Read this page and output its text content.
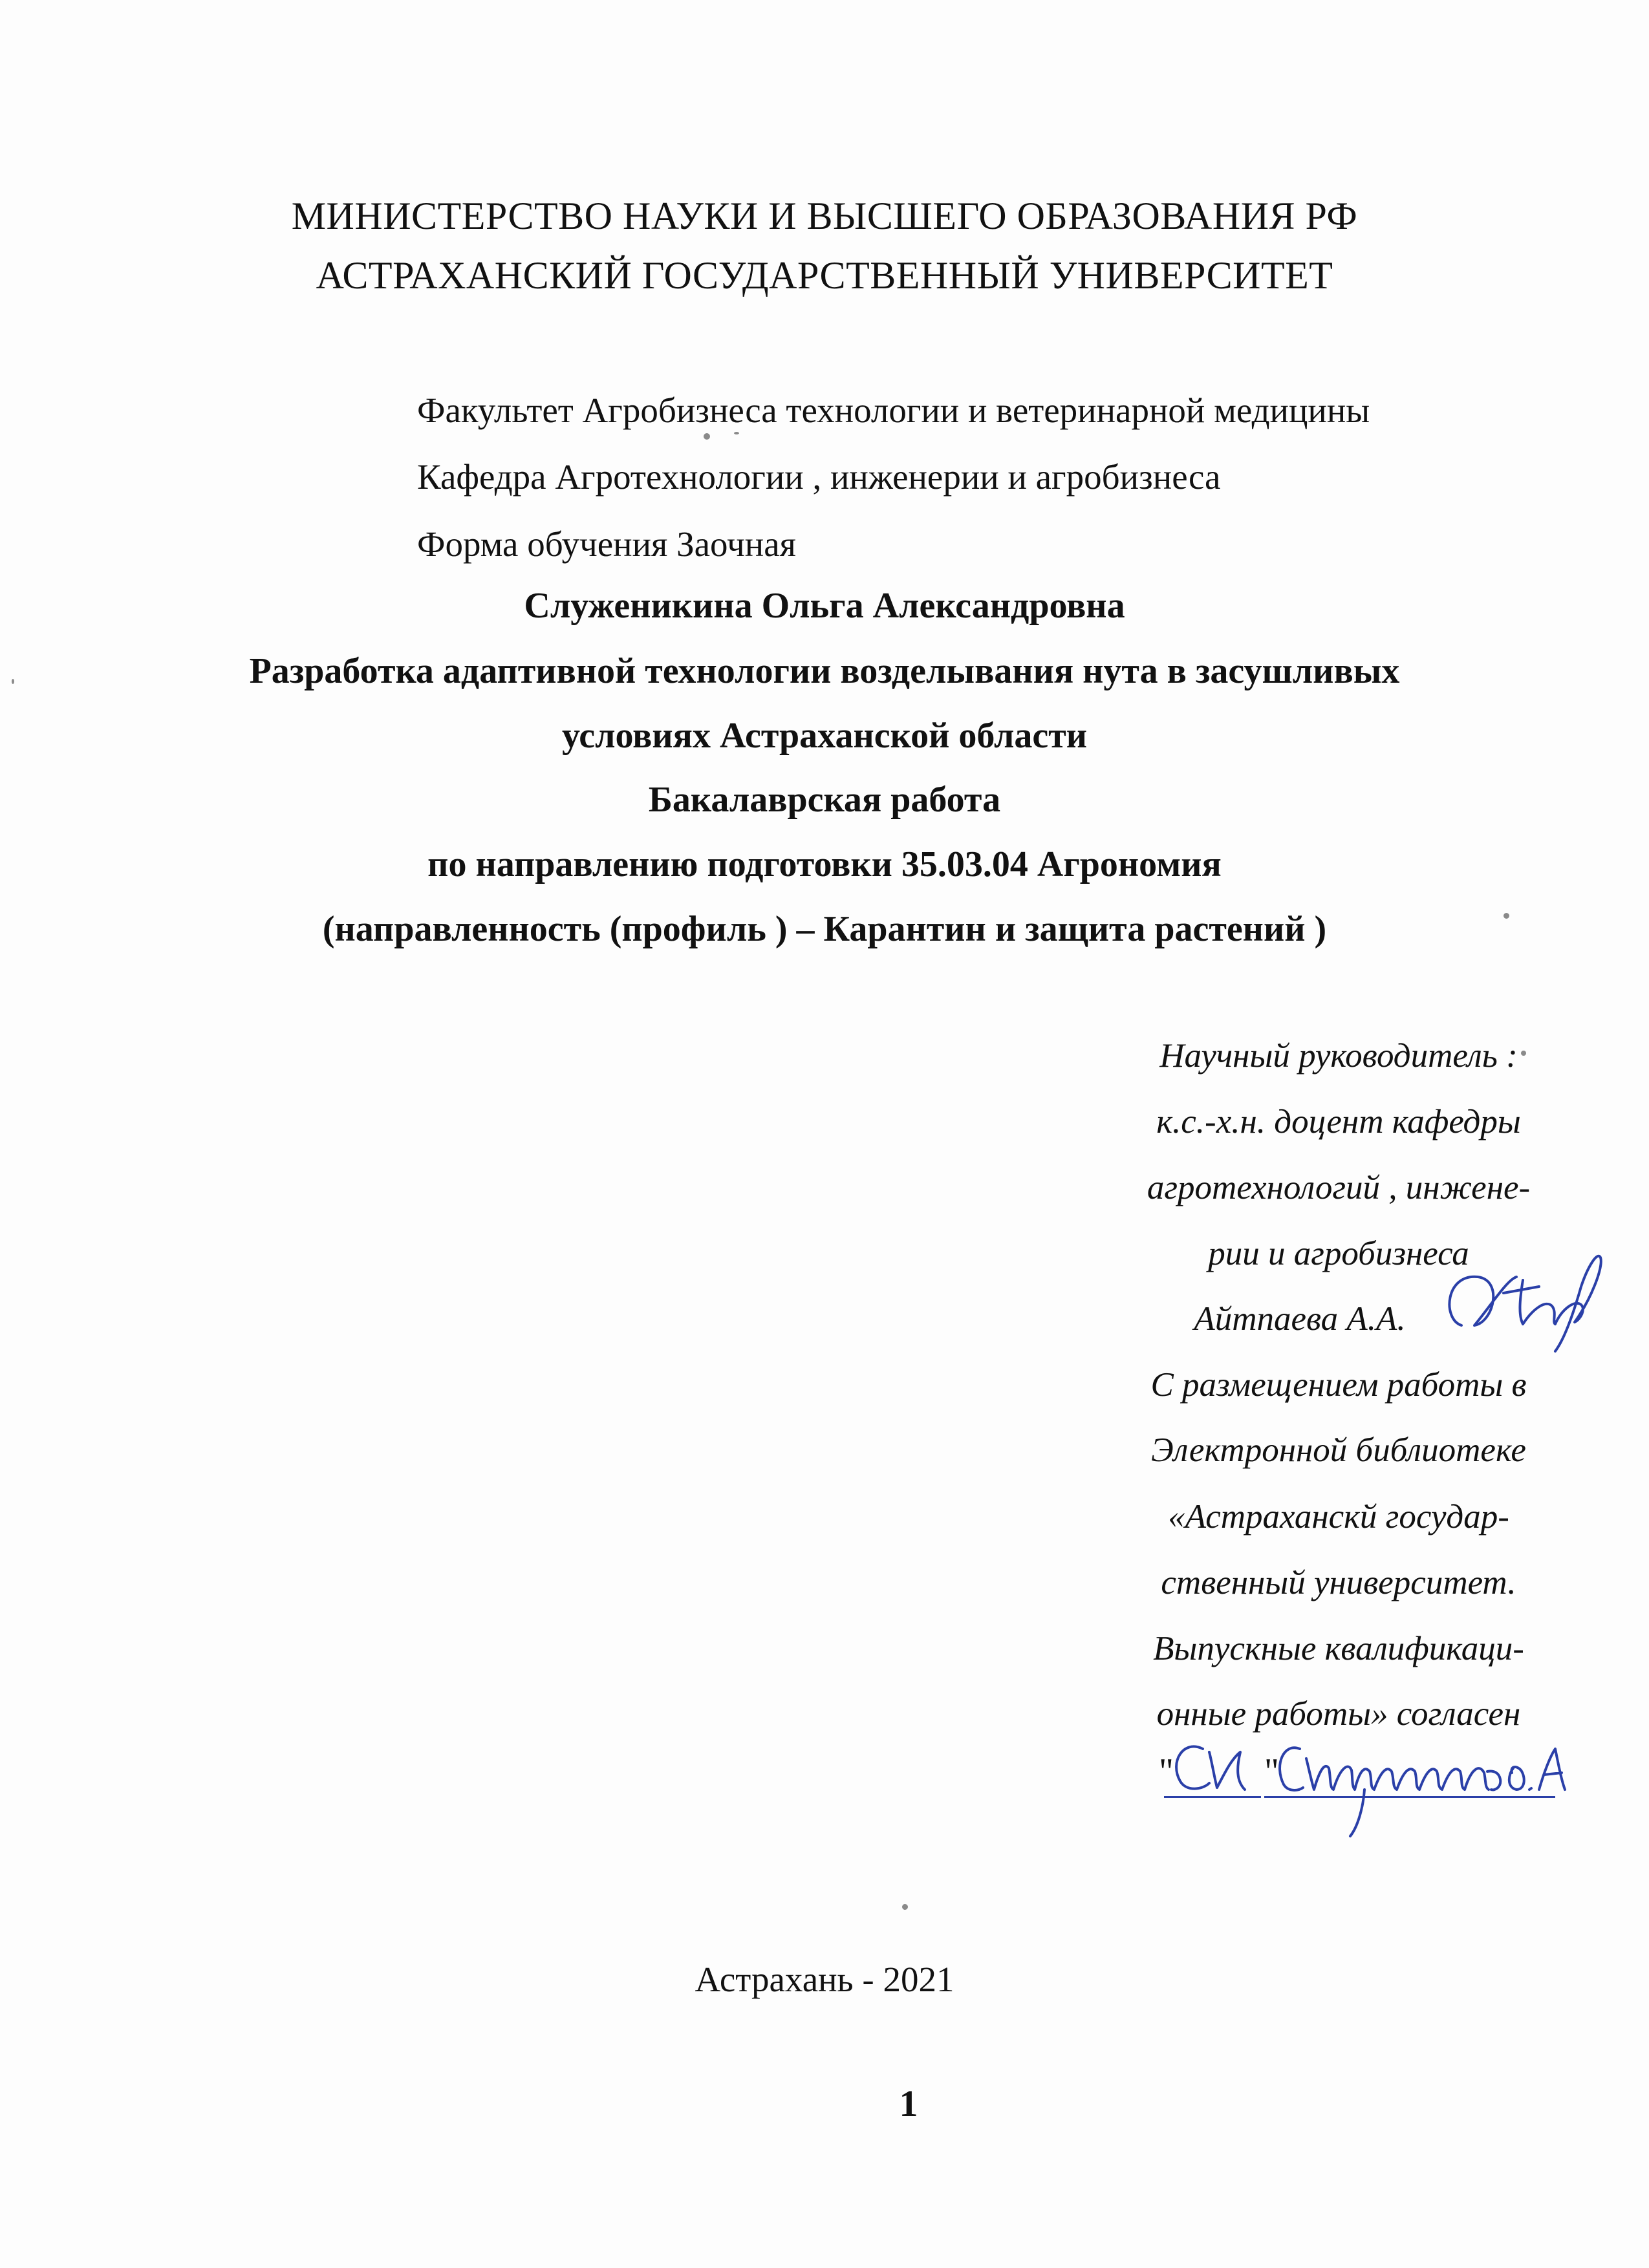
МИНИСТЕРСТВО НАУКИ И ВЫСШЕГО ОБРАЗОВАНИЯ РФ
АСТРАХАНСКИЙ ГОСУДАРСТВЕННЫЙ УНИВЕРСИТЕТ
Факультет Агробизнеса технологии и ветеринарной медицины
Кафедра Агротехнологии , инженерии и агробизнеса
Форма обучения Заочная
Служеникина Ольга Александровна
Разработка адаптивной технологии возделывания нута в засушливых
условиях Астраханской области
Бакалаврская работа
по направлению подготовки 35.03.04 Агрономия
(направленность (профиль ) – Карантин и защита растений )
Научный руководитель :
к.с.-х.н. доцент кафедры
агротехнологий , инжене-
рии и агробизнеса
Айтпаева А.А.
С размещением работы в
Электронной библиотеке
«Астраханскй государ-
ственный университет.
Выпускные квалификаци-
онные работы» согласен
"	"
Астрахань - 2021
1
